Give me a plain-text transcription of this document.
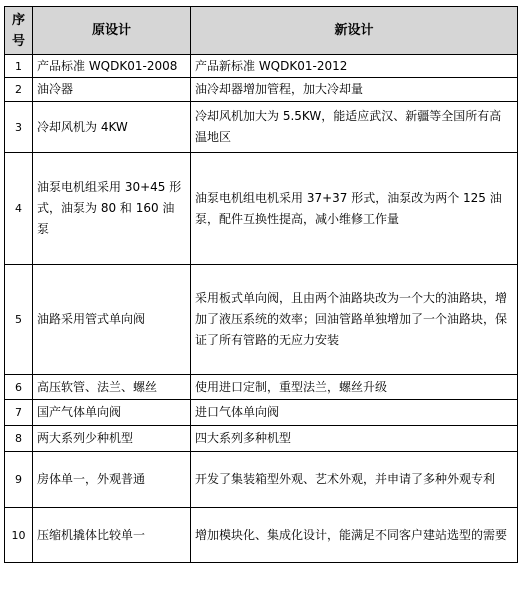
序号	原设计	新设计
1	产品标准 WQDK01-2008	产品新标准 WQDK01-2012
2	油冷器	油冷却器增加管程，加大冷却量
3	冷却风机为 4KW	冷却风机加大为 5.5KW，能适应武汉、新疆等全国所有高温地区
4	油泵电机组采用 30+45 形式，油泵为 80 和 160 油泵	油泵电机组电机采用 37+37 形式，油泵改为两个 125 油泵，配件互换性提高，减小维修工作量
5	油路采用管式单向阀	采用板式单向阀，且由两个油路块改为一个大的油路块，增加了液压系统的效率；回油管路单独增加了一个油路块，保证了所有管路的无应力安装
6	高压软管、法兰、螺丝	使用进口定制，重型法兰，螺丝升级
7	国产气体单向阀	进口气体单向阀
8	两大系列少种机型	四大系列多种机型
9	房体单一，外观普通	开发了集装箱型外观、艺术外观，并申请了多种外观专利
10	压缩机撬体比较单一	增加模块化、集成化设计，能满足不同客户建站选型的需要
